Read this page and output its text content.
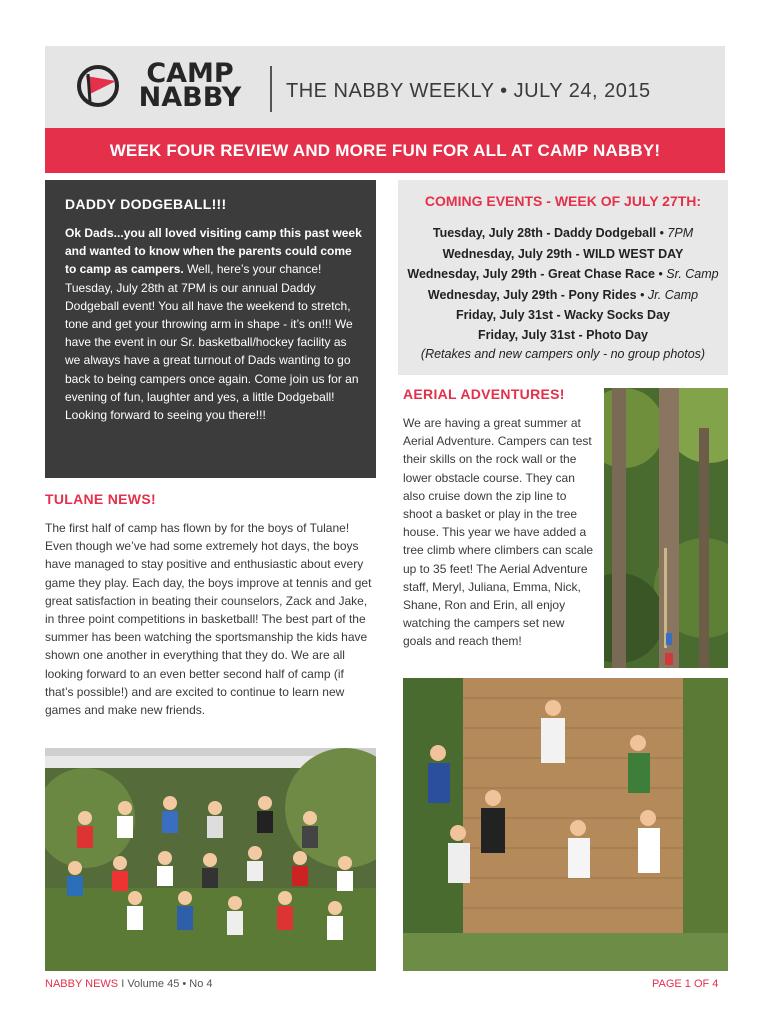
CAMP
NABBY	THE NABBY WEEKLY • JULY 24, 2015
WEEK FOUR REVIEW AND MORE FUN FOR ALL AT CAMP NABBY!
DADDY DODGEBALL!!!
Ok Dads...you all loved visiting camp this past week and wanted to know when the parents could come to camp as campers. Well, here’s your chance! Tuesday, July 28th at 7PM is our annual Daddy Dodgeball event! You all have the weekend to stretch, tone and get your throwing arm in shape - it’s on!!! We have the event in our Sr. basketball/hockey facility as we always have a great turnout of Dads wanting to go back to being campers once again. Come join us for an evening of fun, laughter and yes, a little Dodgeball! Looking forward to seeing you there!!!
COMING EVENTS - WEEK OF JULY 27TH:
Tuesday, July 28th - Daddy Dodgeball • 7PM
Wednesday, July 29th - WILD WEST DAY
Wednesday, July 29th - Great Chase Race • Sr. Camp
Wednesday, July 29th - Pony Rides • Jr. Camp
Friday, July 31st - Wacky Socks Day
Friday, July 31st - Photo Day
(Retakes and new campers only - no group photos)
AERIAL ADVENTURES!
We are having a great summer at Aerial Adventure. Campers can test their skills on the rock wall or the lower obstacle course. They can also cruise down the zip line to shoot a basket or play in the tree house. This year we have added a tree climb where climbers can scale up to 35 feet! The Aerial Adventure staff, Meryl, Juliana, Emma, Nick, Shane, Ron and Erin, all enjoy watching the campers set new goals and reach them!
TULANE NEWS!
The first half of camp has flown by for the boys of Tulane! Even though we’ve had some extremely hot days, the boys have managed to stay positive and enthusiastic about every game they play. Each day, the boys improve at tennis and get great satisfaction in beating their counselors, Zack and Jake, in three point competitions in basketball! The best part of the summer has been watching the sportsmanship the kids have shown one another in everything that they do. We are all looking forward to an even better second half of camp (if that’s possible!) and are excited to continue to learn new games and make new friends.
NABBY NEWS I Volume 45 • No 4	PAGE 1 OF 4
